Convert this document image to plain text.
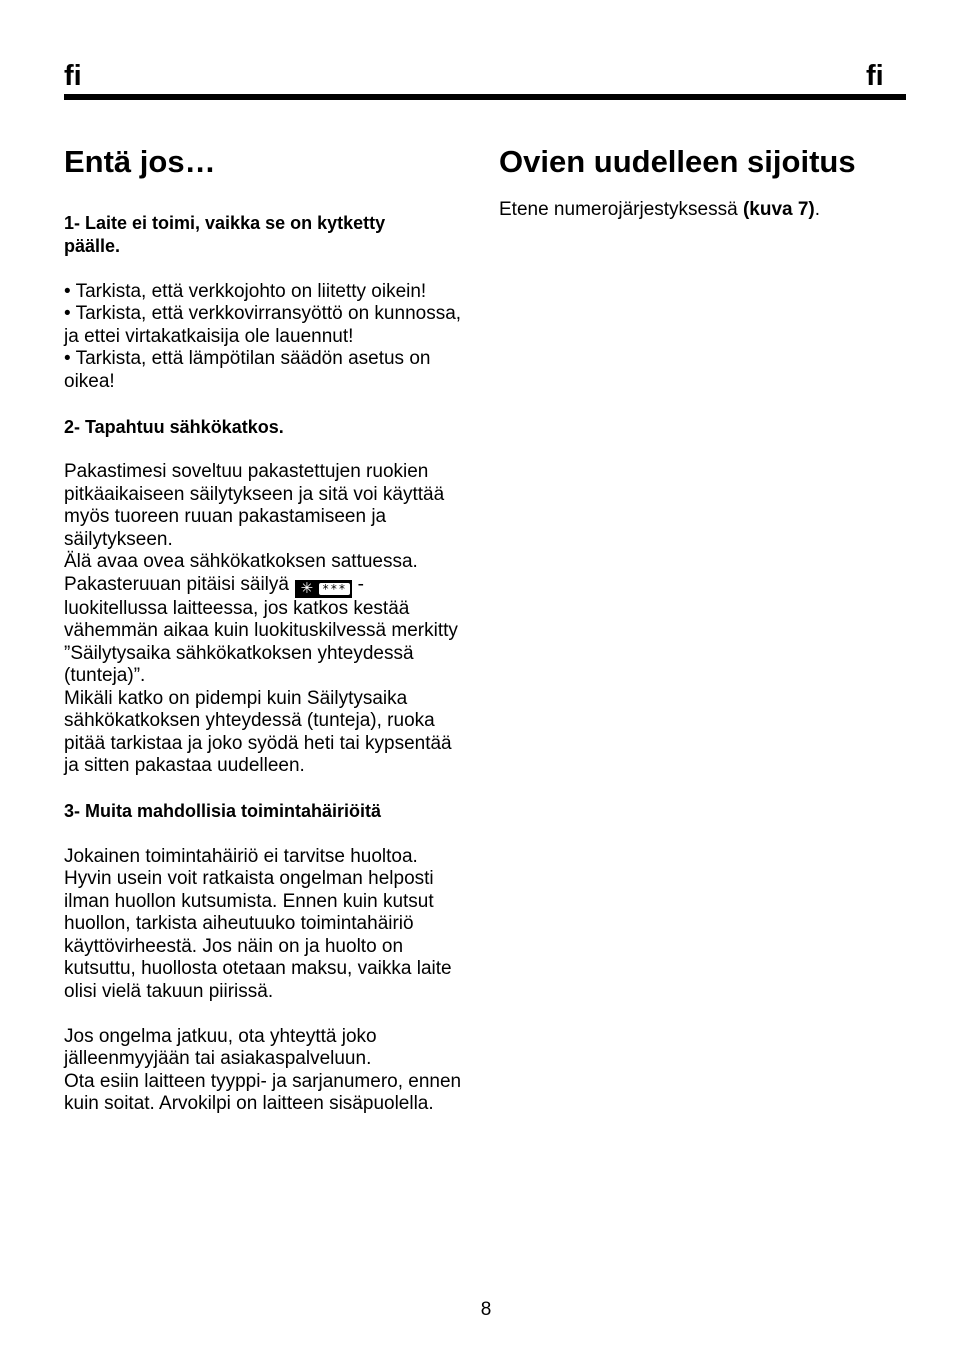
fi	fi
Entä jos…
1- Laite ei toimi, vaikka se on kytketty
päälle.
• Tarkista, että verkkojohto on liitetty oikein!
• Tarkista, että verkkovirransyöttö on kunnossa,
ja ettei virtakatkaisija ole lauennut!
• Tarkista, että lämpötilan säädön asetus on
oikea!
2- Tapahtuu sähkökatkos.
Pakastimesi soveltuu pakastettujen ruokien
pitkäaikaiseen säilytykseen ja sitä voi käyttää
myös tuoreen ruuan pakastamiseen ja
säilytykseen.
Älä avaa ovea sähkökatkoksen sattuessa.
Pakasteruuan pitäisi säilyä ✳ *** -
luokitellussa laitteessa, jos katkos kestää
vähemmän aikaa kuin luokituskilvessä merkitty
”Säilytysaika sähkökatkoksen yhteydessä
(tunteja)”.
Mikäli katko on pidempi kuin Säilytysaika
sähkökatkoksen yhteydessä (tunteja), ruoka
pitää tarkistaa ja joko syödä heti tai kypsentää
ja sitten pakastaa uudelleen.
3- Muita mahdollisia toimintahäiriöitä
Jokainen toimintahäiriö ei tarvitse huoltoa.
Hyvin usein voit ratkaista ongelman helposti
ilman huollon kutsumista. Ennen kuin kutsut
huollon, tarkista aiheutuuko toimintahäiriö
käyttövirheestä. Jos näin on ja huolto on
kutsuttu, huollosta otetaan maksu, vaikka laite
olisi vielä takuun piirissä.
Jos ongelma jatkuu, ota yhteyttä joko
jälleenmyyjään tai asiakaspalveluun.
Ota esiin laitteen tyyppi- ja sarjanumero, ennen
kuin soitat. Arvokilpi on laitteen sisäpuolella.
Ovien uudelleen sijoitus
Etene numerojärjestyksessä (kuva 7).
8
